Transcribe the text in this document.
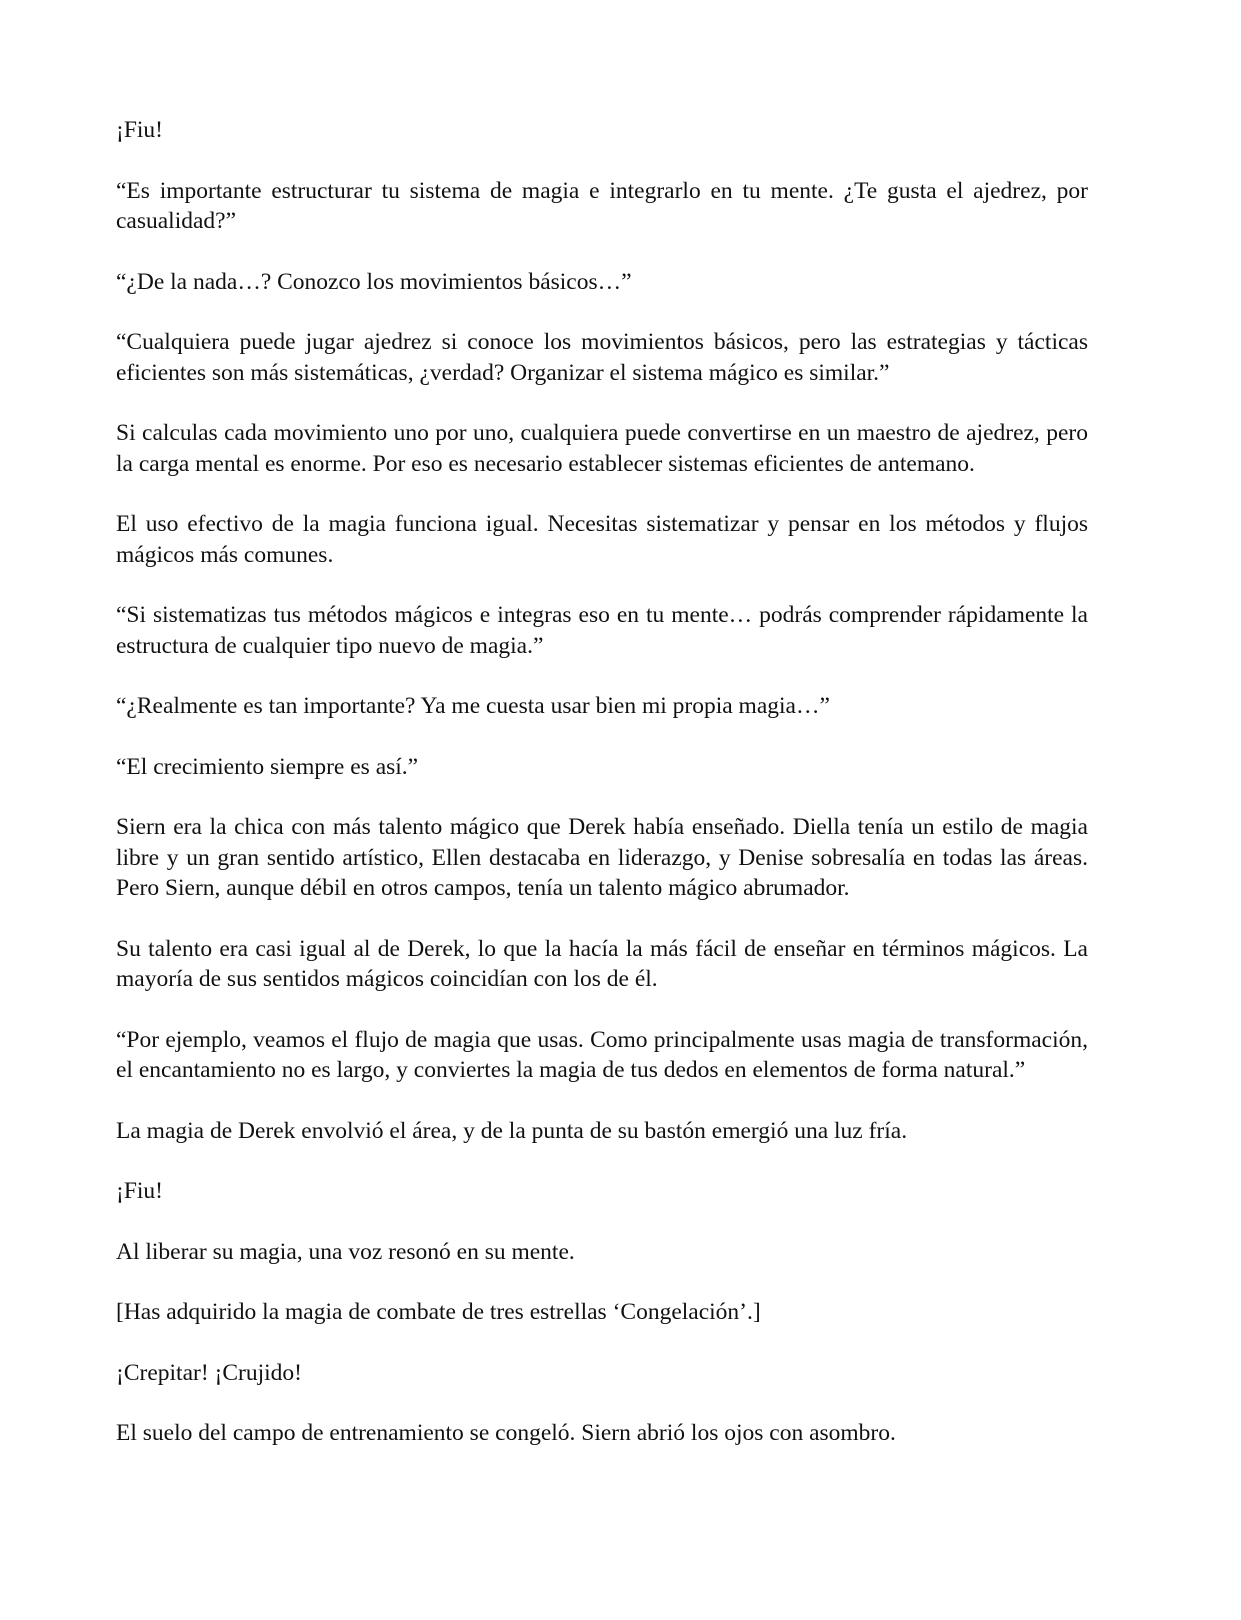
¡Fiu!

“Es importante estructurar tu sistema de magia e integrarlo en tu mente. ¿Te gusta el ajedrez, por casualidad?”

“¿De la nada…? Conozco los movimientos básicos…”

“Cualquiera puede jugar ajedrez si conoce los movimientos básicos, pero las estrategias y tácticas eficientes son más sistemáticas, ¿verdad? Organizar el sistema mágico es similar.”

Si calculas cada movimiento uno por uno, cualquiera puede convertirse en un maestro de ajedrez, pero la carga mental es enorme. Por eso es necesario establecer sistemas eficientes de antemano.

El uso efectivo de la magia funciona igual. Necesitas sistematizar y pensar en los métodos y flujos mágicos más comunes.

“Si sistematizas tus métodos mágicos e integras eso en tu mente… podrás comprender rápidamente la estructura de cualquier tipo nuevo de magia.”

“¿Realmente es tan importante? Ya me cuesta usar bien mi propia magia…”

“El crecimiento siempre es así.”

Siern era la chica con más talento mágico que Derek había enseñado. Diella tenía un estilo de magia libre y un gran sentido artístico, Ellen destacaba en liderazgo, y Denise sobresalía en todas las áreas. Pero Siern, aunque débil en otros campos, tenía un talento mágico abrumador.

Su talento era casi igual al de Derek, lo que la hacía la más fácil de enseñar en términos mágicos. La mayoría de sus sentidos mágicos coincidían con los de él.

“Por ejemplo, veamos el flujo de magia que usas. Como principalmente usas magia de transformación, el encantamiento no es largo, y conviertes la magia de tus dedos en elementos de forma natural.”

La magia de Derek envolvió el área, y de la punta de su bastón emergió una luz fría.

¡Fiu!

Al liberar su magia, una voz resonó en su mente.

[Has adquirido la magia de combate de tres estrellas ‘Congelación’.]

¡Crepitar! ¡Crujido!

El suelo del campo de entrenamiento se congeló. Siern abrió los ojos con asombro.
